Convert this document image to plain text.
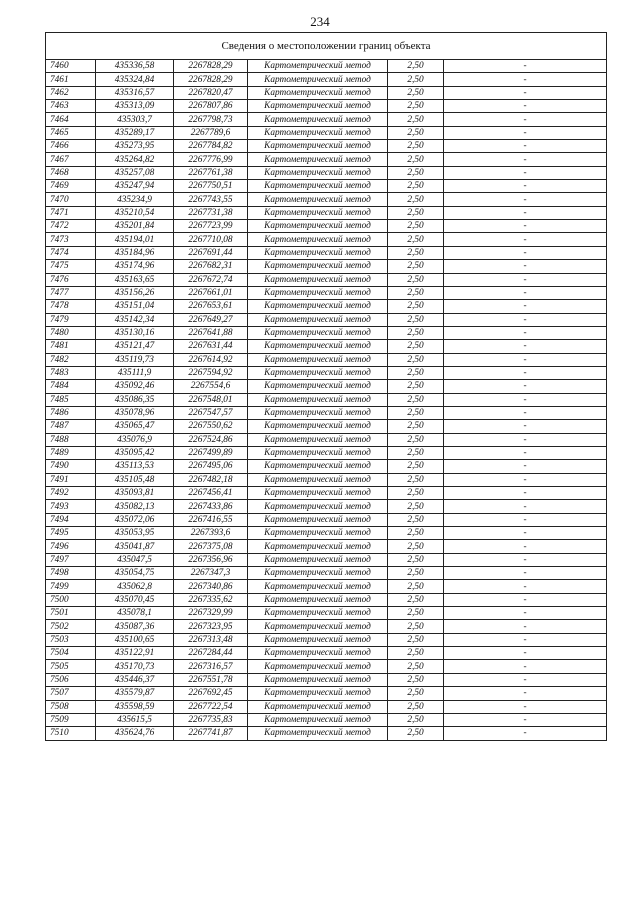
234
Сведения о местоположении границ объекта					
7460	435336,58	2267828,29	Картометрический метод	2,50	-
7461	435324,84	2267828,29	Картометрический метод	2,50	-
7462	435316,57	2267820,47	Картометрический метод	2,50	-
7463	435313,09	2267807,86	Картометрический метод	2,50	-
7464	435303,7	2267798,73	Картометрический метод	2,50	-
7465	435289,17	2267789,6	Картометрический метод	2,50	-
7466	435273,95	2267784,82	Картометрический метод	2,50	-
7467	435264,82	2267776,99	Картометрический метод	2,50	-
7468	435257,08	2267761,38	Картометрический метод	2,50	-
7469	435247,94	2267750,51	Картометрический метод	2,50	-
7470	435234,9	2267743,55	Картометрический метод	2,50	-
7471	435210,54	2267731,38	Картометрический метод	2,50	-
7472	435201,84	2267723,99	Картометрический метод	2,50	-
7473	435194,01	2267710,08	Картометрический метод	2,50	-
7474	435184,96	2267691,44	Картометрический метод	2,50	-
7475	435174,96	2267682,31	Картометрический метод	2,50	-
7476	435163,65	2267672,74	Картометрический метод	2,50	-
7477	435156,26	2267661,01	Картометрический метод	2,50	-
7478	435151,04	2267653,61	Картометрический метод	2,50	-
7479	435142,34	2267649,27	Картометрический метод	2,50	-
7480	435130,16	2267641,88	Картометрический метод	2,50	-
7481	435121,47	2267631,44	Картометрический метод	2,50	-
7482	435119,73	2267614,92	Картометрический метод	2,50	-
7483	435111,9	2267594,92	Картометрический метод	2,50	-
7484	435092,46	2267554,6	Картометрический метод	2,50	-
7485	435086,35	2267548,01	Картометрический метод	2,50	-
7486	435078,96	2267547,57	Картометрический метод	2,50	-
7487	435065,47	2267550,62	Картометрический метод	2,50	-
7488	435076,9	2267524,86	Картометрический метод	2,50	-
7489	435095,42	2267499,89	Картометрический метод	2,50	-
7490	435113,53	2267495,06	Картометрический метод	2,50	-
7491	435105,48	2267482,18	Картометрический метод	2,50	-
7492	435093,81	2267456,41	Картометрический метод	2,50	-
7493	435082,13	2267433,86	Картометрический метод	2,50	-
7494	435072,06	2267416,55	Картометрический метод	2,50	-
7495	435053,95	2267393,6	Картометрический метод	2,50	-
7496	435041,87	2267375,08	Картометрический метод	2,50	-
7497	435047,5	2267356,96	Картометрический метод	2,50	-
7498	435054,75	2267347,3	Картометрический метод	2,50	-
7499	435062,8	2267340,86	Картометрический метод	2,50	-
7500	435070,45	2267335,62	Картометрический метод	2,50	-
7501	435078,1	2267329,99	Картометрический метод	2,50	-
7502	435087,36	2267323,95	Картометрический метод	2,50	-
7503	435100,65	2267313,48	Картометрический метод	2,50	-
7504	435122,91	2267284,44	Картометрический метод	2,50	-
7505	435170,73	2267316,57	Картометрический метод	2,50	-
7506	435446,37	2267551,78	Картометрический метод	2,50	-
7507	435579,87	2267692,45	Картометрический метод	2,50	-
7508	435598,59	2267722,54	Картометрический метод	2,50	-
7509	435615,5	2267735,83	Картометрический метод	2,50	-
7510	435624,76	2267741,87	Картометрический метод	2,50	-
